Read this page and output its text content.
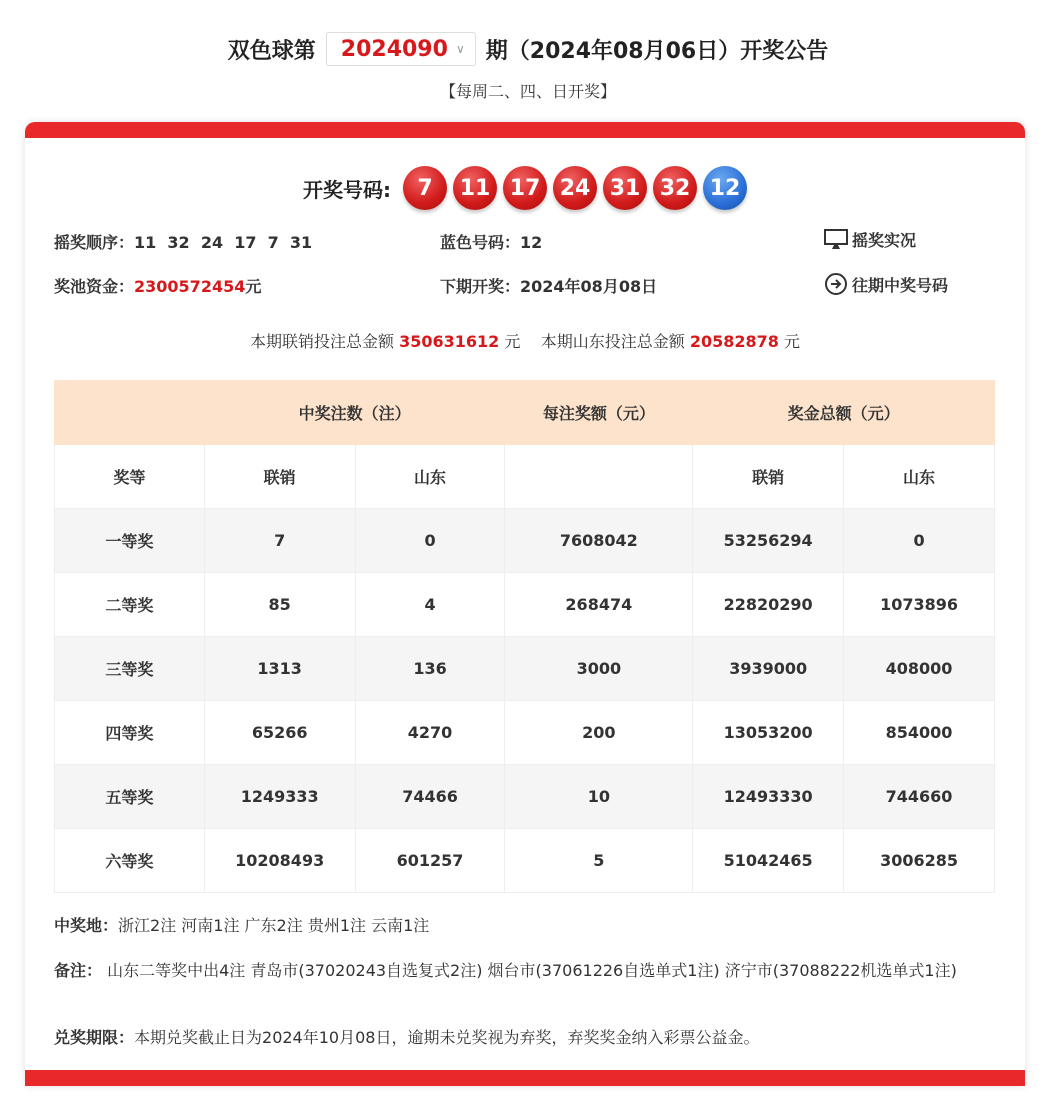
双色球第 2024090 ∨ 期（2024年08月06日）开奖公告
【每周二、四、日开奖】
开奖号码:	7	11 17 24 31 32 12
摇奖顺序：11  32  24  17  7  31	蓝色号码：12	摇奖实况
奖池资金：2300572454元	下期开奖：2024年08月08日	往期中奖号码
本期联销投注总金额 350631612 元 本期山东投注总金额 20582878 元
	中奖注数（注）		每注奖额（元）	奖金总额（元）	
奖等	联销	山东		联销	山东
一等奖	7	0	7608042	53256294	0
二等奖	85	4	268474	22820290	1073896
三等奖	1313	136	3000	3939000	408000
四等奖	65266	4270	200	13053200	854000
五等奖	1249333	74466	10	12493330	744660
六等奖	10208493	601257	5	51042465	3006285
中奖地：浙江2注 河南1注 广东2注 贵州1注 云南1注
备注： 山东二等奖中出4注 青岛市(37020243自选复式2注) 烟台市(37061226自选单式1注) 济宁市(37088222机选单式1注)
兑奖期限：本期兑奖截止日为2024年10月08日，逾期未兑奖视为弃奖，弃奖奖金纳入彩票公益金。
